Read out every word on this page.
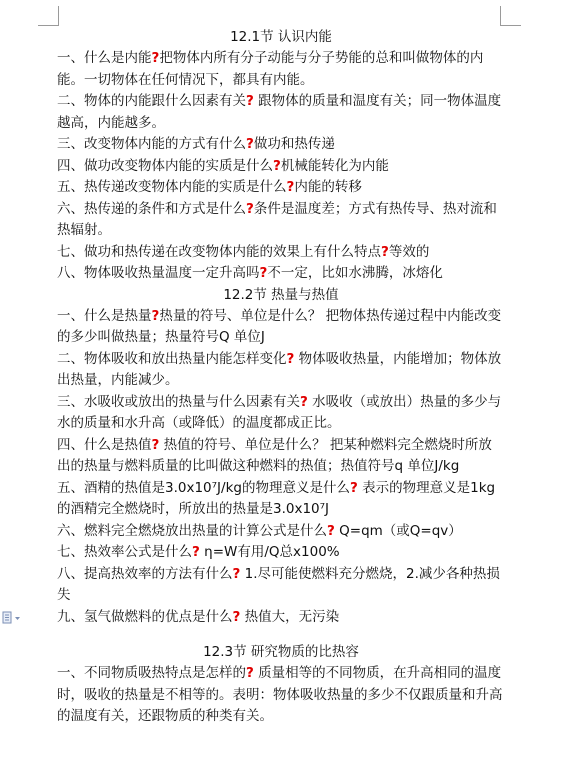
12.1节 认识内能

一、什么是内能?把物体内所有分子动能与分子势能的总和叫做物体的内能。一切物体在任何情况下，都具有内能。

二、物体的内能跟什么因素有关? 跟物体的质量和温度有关；同一物体温度越高，内能越多。

三、改变物体内能的方式有什么?做功和热传递

四、做功改变物体内能的实质是什么?机械能转化为内能

五、热传递改变物体内能的实质是什么?内能的转移

六、热传递的条件和方式是什么?条件是温度差；方式有热传导、热对流和热辐射。

七、做功和热传递在改变物体内能的效果上有什么特点?等效的

八、物体吸收热量温度一定升高吗?不一定，比如水沸腾，冰熔化

12.2节 热量与热值

一、什么是热量?热量的符号、单位是什么？ 把物体热传递过程中内能改变的多少叫做热量；热量符号Q 单位J

二、物体吸收和放出热量内能怎样变化? 物体吸收热量，内能增加；物体放出热量，内能减少。

三、水吸收或放出的热量与什么因素有关? 水吸收（或放出）热量的多少与水的质量和水升高（或降低）的温度都成正比。

四、什么是热值? 热值的符号、单位是什么？ 把某种燃料完全燃烧时所放出的热量与燃料质量的比叫做这种燃料的热值；热值符号q 单位J/kg

五、酒精的热值是3.0x10⁷J/kg的物理意义是什么? 表示的物理意义是1kg的酒精完全燃烧时，所放出的热量是3.0x10⁷J

六、燃料完全燃烧放出热量的计算公式是什么? Q=qm（或Q=qv）

七、热效率公式是什么? η=W有用/Q总x100%

八、提高热效率的方法有什么? 1.尽可能使燃料充分燃烧，2.减少各种热损失

九、氢气做燃料的优点是什么? 热值大，无污染

12.3节 研究物质的比热容

一、不同物质吸热特点是怎样的? 质量相等的不同物质，在升高相同的温度时，吸收的热量是不相等的。表明：物体吸收热量的多少不仅跟质量和升高的温度有关，还跟物质的种类有关。
